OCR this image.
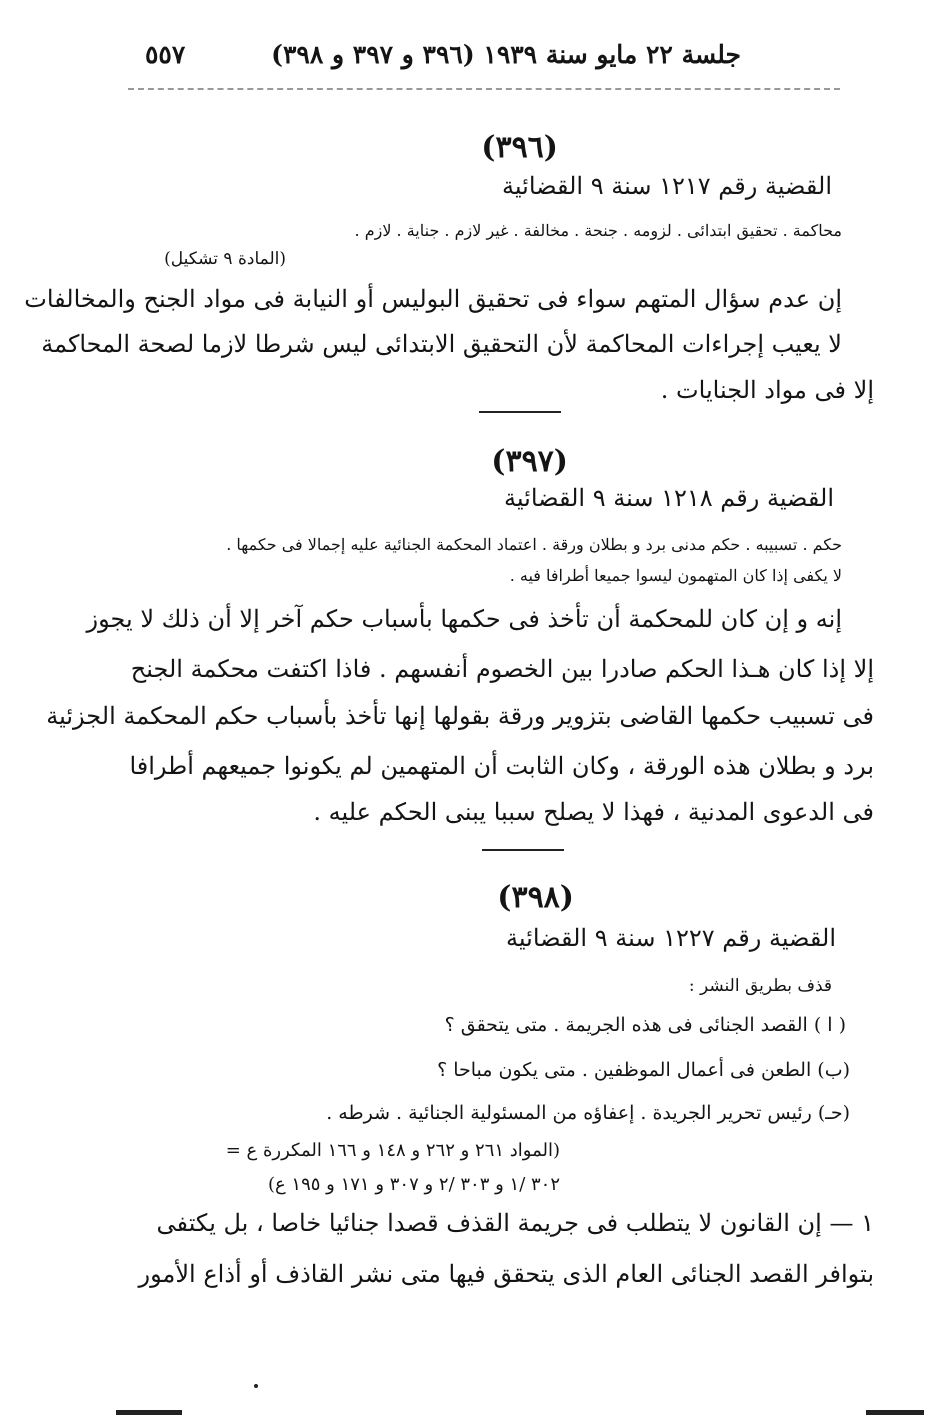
جلسة ٢٢ مايو سنة ١٩٣٩ (٣٩٦ و ٣٩٧ و ٣٩٨)
٥٥٧
(٣٩٦)
القضية رقم ١٢١٧ سنة ٩ القضائية
محاكمة . تحقيق ابتدائى . لزومه . جنحة . مخالفة . غير لازم . جناية . لازم .
(المادة ٩ تشكيل)
إن عدم سؤال المتهم سواء فى تحقيق البوليس أو النيابة فى مواد الجنح والمخالفات
لا يعيب إجراءات المحاكمة لأن التحقيق الابتدائى ليس شرطا لازما لصحة المحاكمة
إلا فى مواد الجنايات .
(٣٩٧)
القضية رقم ١٢١٨ سنة ٩ القضائية
حكم . تسبيبه . حكم مدنى برد و بطلان ورقة . اعتماد المحكمة الجنائية عليه إجمالا فى حكمها .
لا يكفى إذا كان المتهمون ليسوا جميعا أطرافا فيه .
إنه و إن كان للمحكمة أن تأخذ فى حكمها بأسباب حكم آخر إلا أن ذلك لا يجوز
إلا إذا كان هـذا الحكم صادرا بين الخصوم أنفسهم . فاذا اكتفت محكمة الجنح
فى تسبيب حكمها القاضى بتزوير ورقة بقولها إنها تأخذ بأسباب حكم المحكمة الجزئية
برد و بطلان هذه الورقة ، وكان الثابت أن المتهمين لم يكونوا جميعهم أطرافا
فى الدعوى المدنية ، فهذا لا يصلح سببا يبنى الحكم عليه .
(٣٩٨)
القضية رقم ١٢٢٧ سنة ٩ القضائية
قذف بطريق النشر :
( ا ) القصد الجنائى فى هذه الجريمة . متى يتحقق ؟
(ب) الطعن فى أعمال الموظفين . متى يكون مباحا ؟
(حـ) رئيس تحرير الجريدة . إعفاؤه من المسئولية الجنائية . شرطه .
(المواد ٢٦١ و ٢٦٢ و ١٤٨ و ١٦٦ المكررة ع =
٣٠٢ /١ و ٣٠٣ /٢ و ٣٠٧ و ١٧١ و ١٩٥ ع)
١ — إن القانون لا يتطلب فى جريمة القذف قصدا جنائيا خاصا ، بل يكتفى
بتوافر القصد الجنائى العام الذى يتحقق فيها متى نشر القاذف أو أذاع الأمور
